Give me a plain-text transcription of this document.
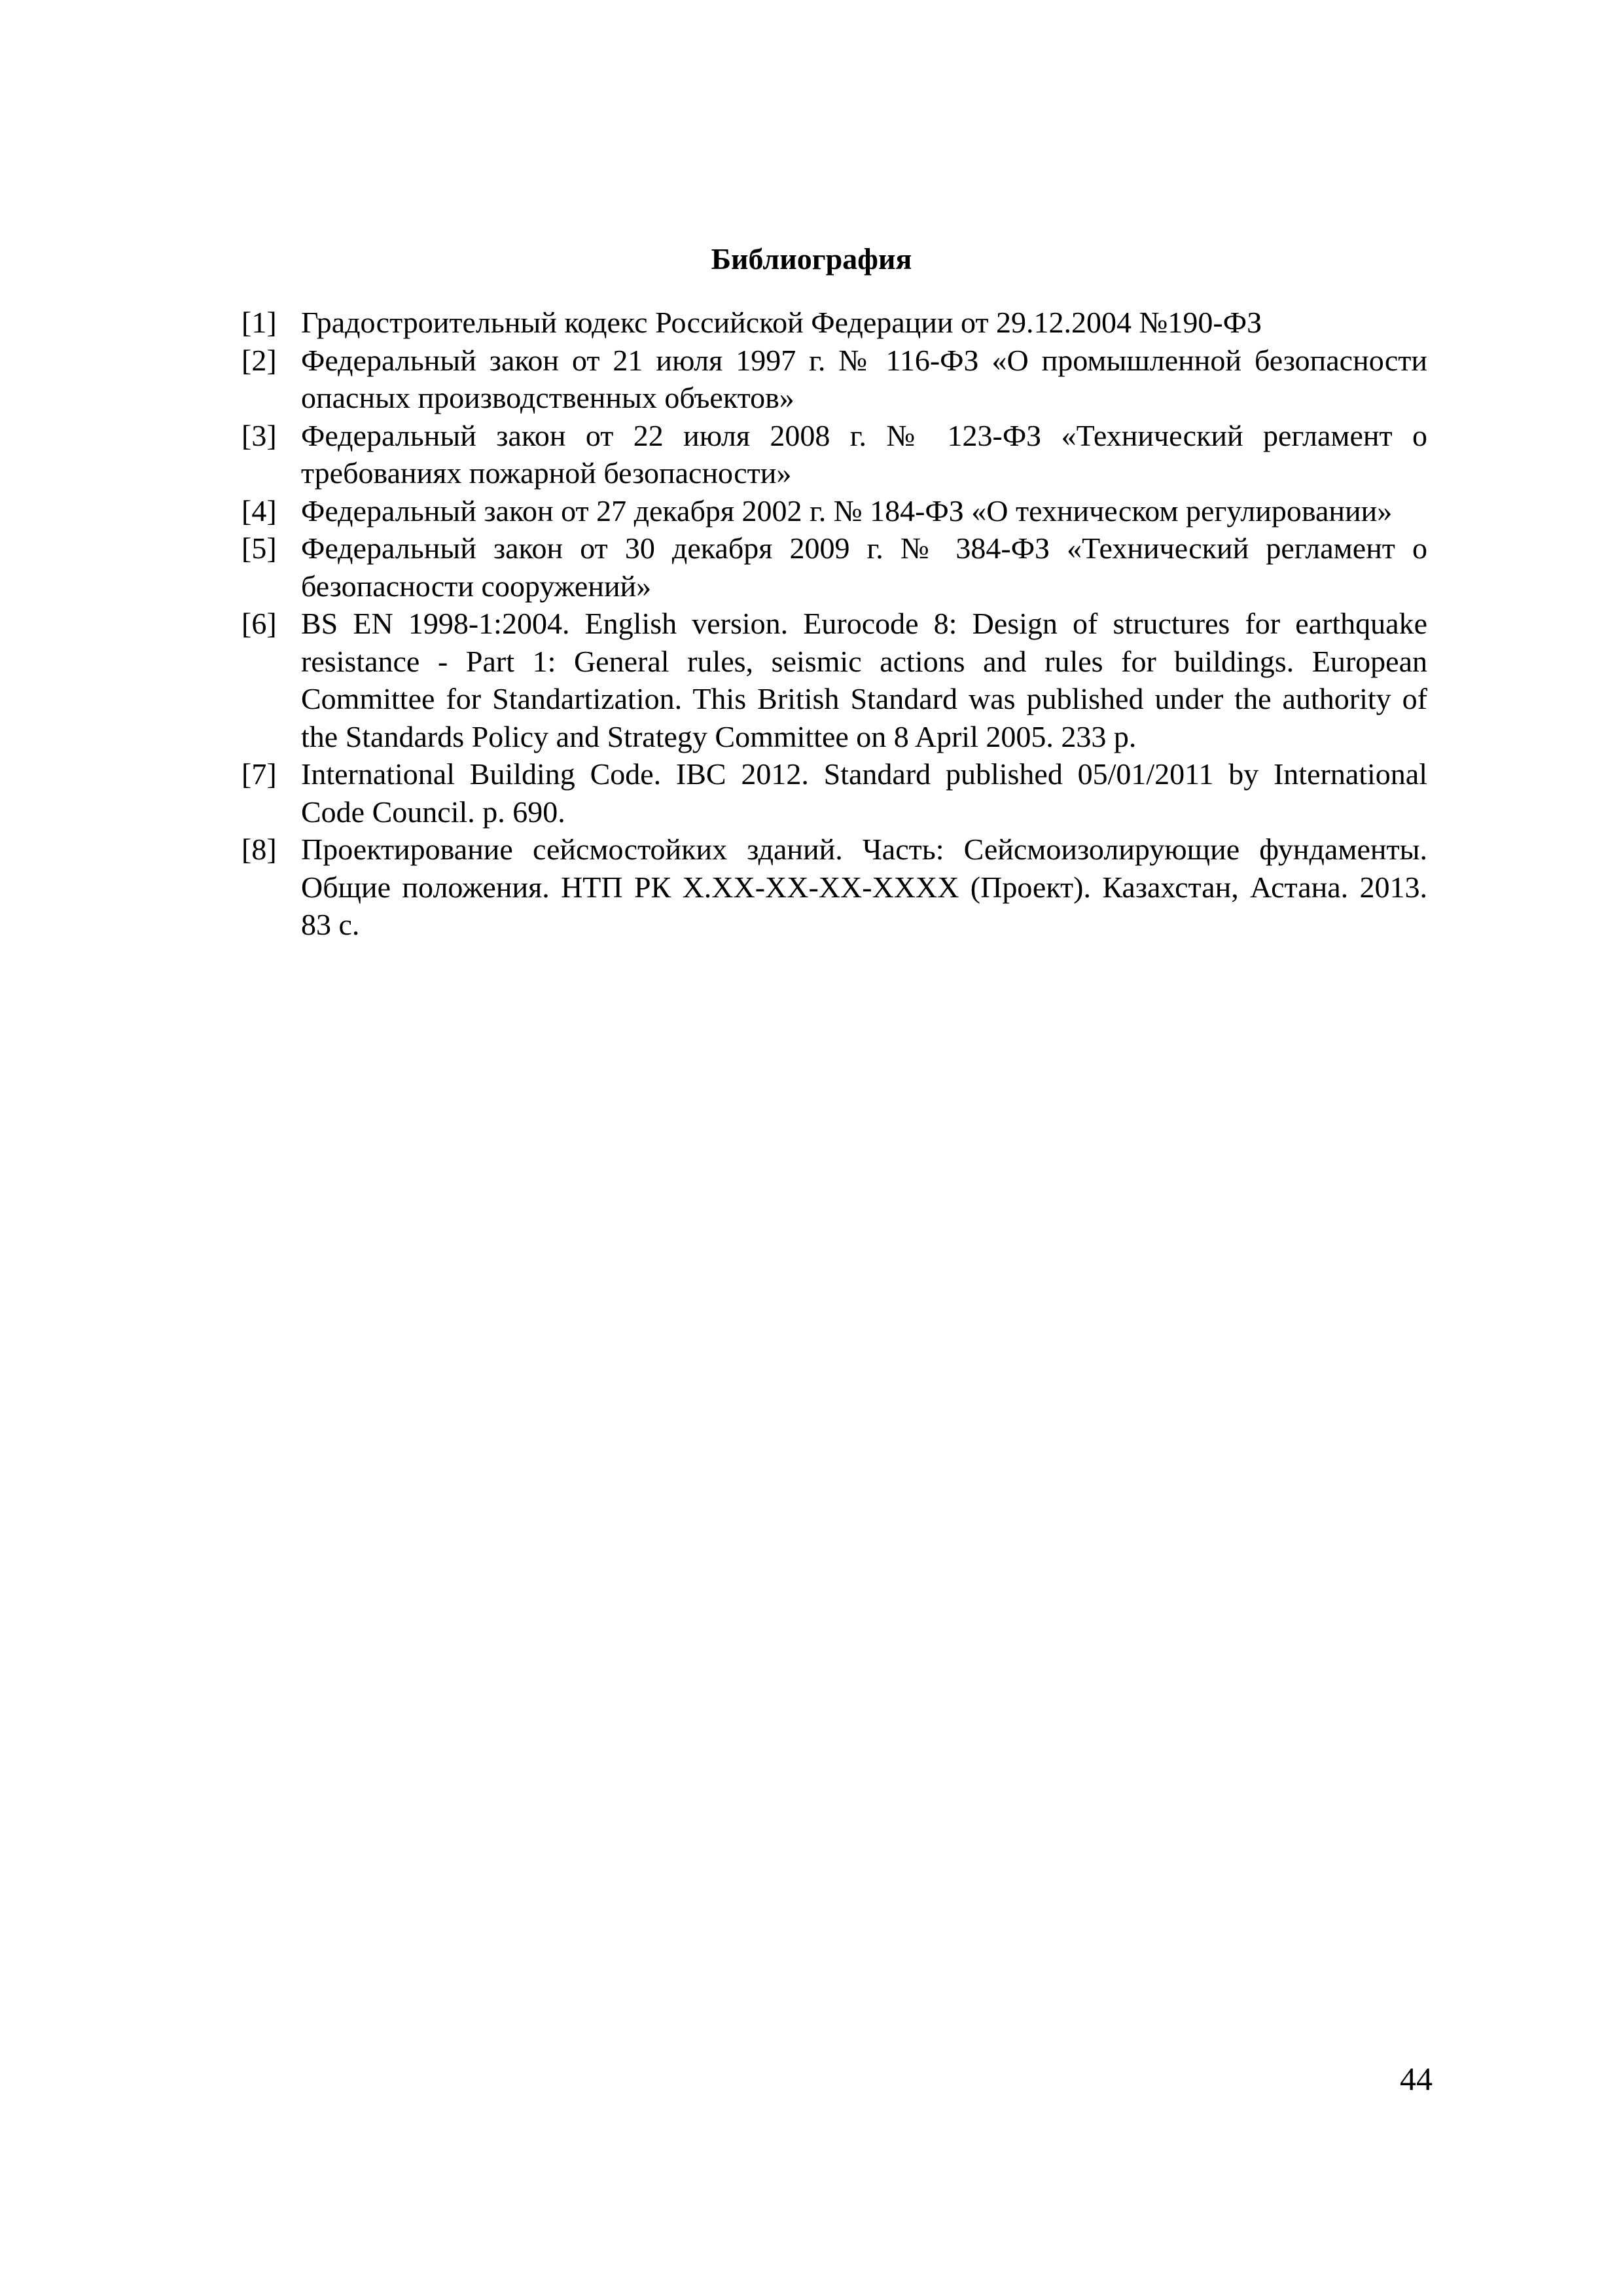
Библиография
[1] Градостроительный кодекс Российской Федерации от 29.12.2004 №190-ФЗ
[2] Федеральный закон от 21 июля 1997 г. № 116-ФЗ «О промышленной безопасности опасных производственных объектов»
[3] Федеральный закон от 22 июля 2008 г. № 123-ФЗ «Технический регламент о требованиях пожарной безопасности»
[4] Федеральный закон от 27 декабря 2002 г. № 184-ФЗ «О техническом регулировании»
[5] Федеральный закон от 30 декабря 2009 г. № 384-ФЗ «Технический регламент о безопасности сооружений»
[6] BS EN 1998-1:2004. English version. Eurocode 8: Design of structures for earthquake resistance - Part 1: General rules, seismic actions and rules for buildings. European Committee for Standartization. This British Standard was published under the authority of the Standards Policy and Strategy Committee on 8 April 2005. 233 p.
[7] International Building Code. IBC 2012. Standard published 05/01/2011 by International Code Council. p. 690.
[8] Проектирование сейсмостойких зданий. Часть: Сейсмоизолирующие фундаменты. Общие положения. НТП РК Х.ХХ-ХХ-ХХ-ХХХХ (Проект). Казахстан, Астана. 2013. 83 с.
44
